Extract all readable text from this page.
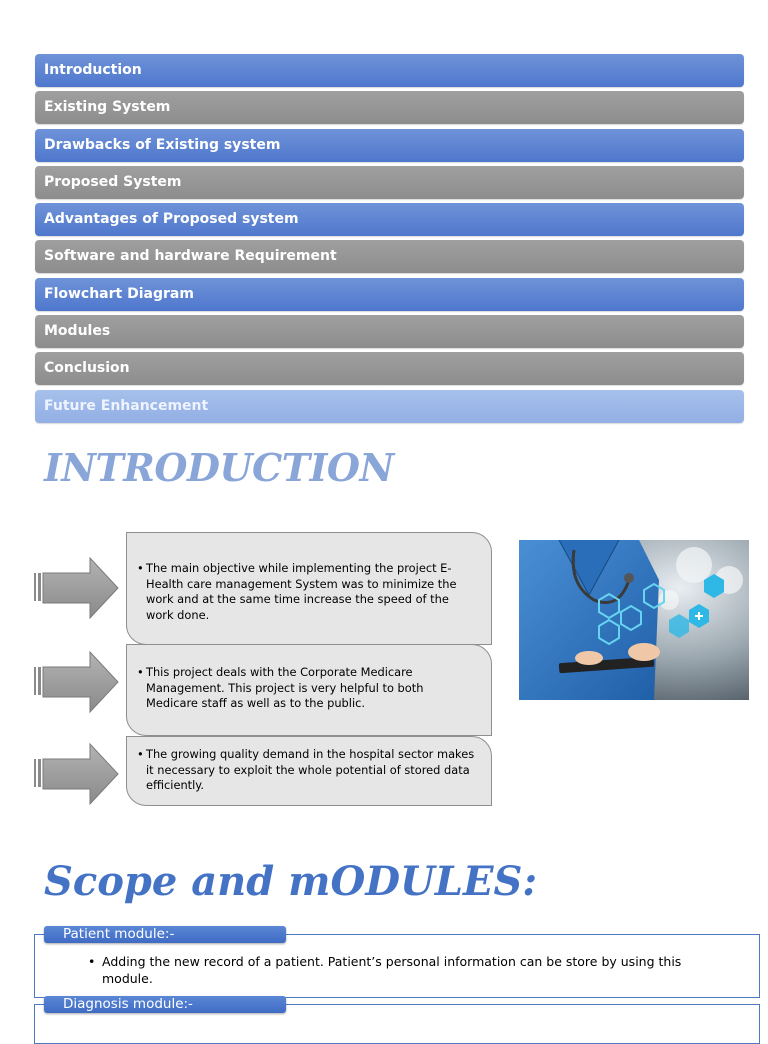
Introduction
Existing System
Drawbacks of Existing system
Proposed System
Advantages of Proposed system
Software and hardware Requirement
Flowchart Diagram
Modules
Conclusion
Future Enhancement
INTRODUCTION
• The main objective while implementing the project E-Health care management System was to minimize the work and at the same time increase the speed of the work done.
• This project deals with the Corporate Medicare Management. This project is very helpful to both Medicare staff as well as to the public.
• The growing quality demand in the hospital sector makes it necessary to exploit the whole potential of stored data efficiently.
Scope and mODULES:
Patient module:-
• Adding the new record of a patient. Patient’s personal information can be store by using this module.
Diagnosis module:-
